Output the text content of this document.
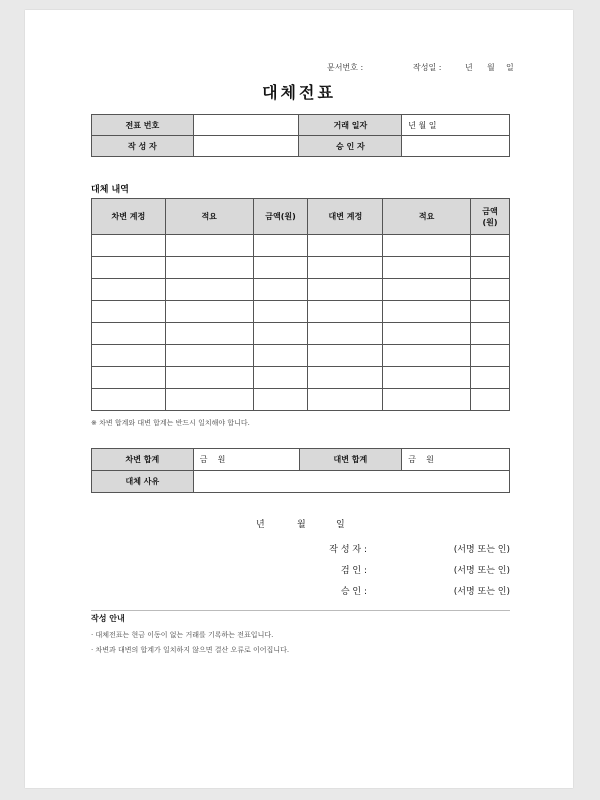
문서번호 :	작성일 :	년 월 일
대체전표
전표 번호		거래 일자	년 월 일
작 성 자		승 인 자	
대체 내역
차변 계정	적요	금액(원)	대변 계정	적요	금액
(원)

※ 차변 합계와 대변 합계는 반드시 일치해야 합니다.
차변 합계	금    원	대변 합계	금    원
대체 사유			
년	월	일
작 성 자 :	(서명 또는 인)
검 인 :	(서명 또는 인)
승 인 :	(서명 또는 인)
작성 안내
· 대체전표는 현금 이동이 없는 거래를 기록하는 전표입니다.
· 차변과 대변의 합계가 일치하지 않으면 결산 오류로 이어집니다.
